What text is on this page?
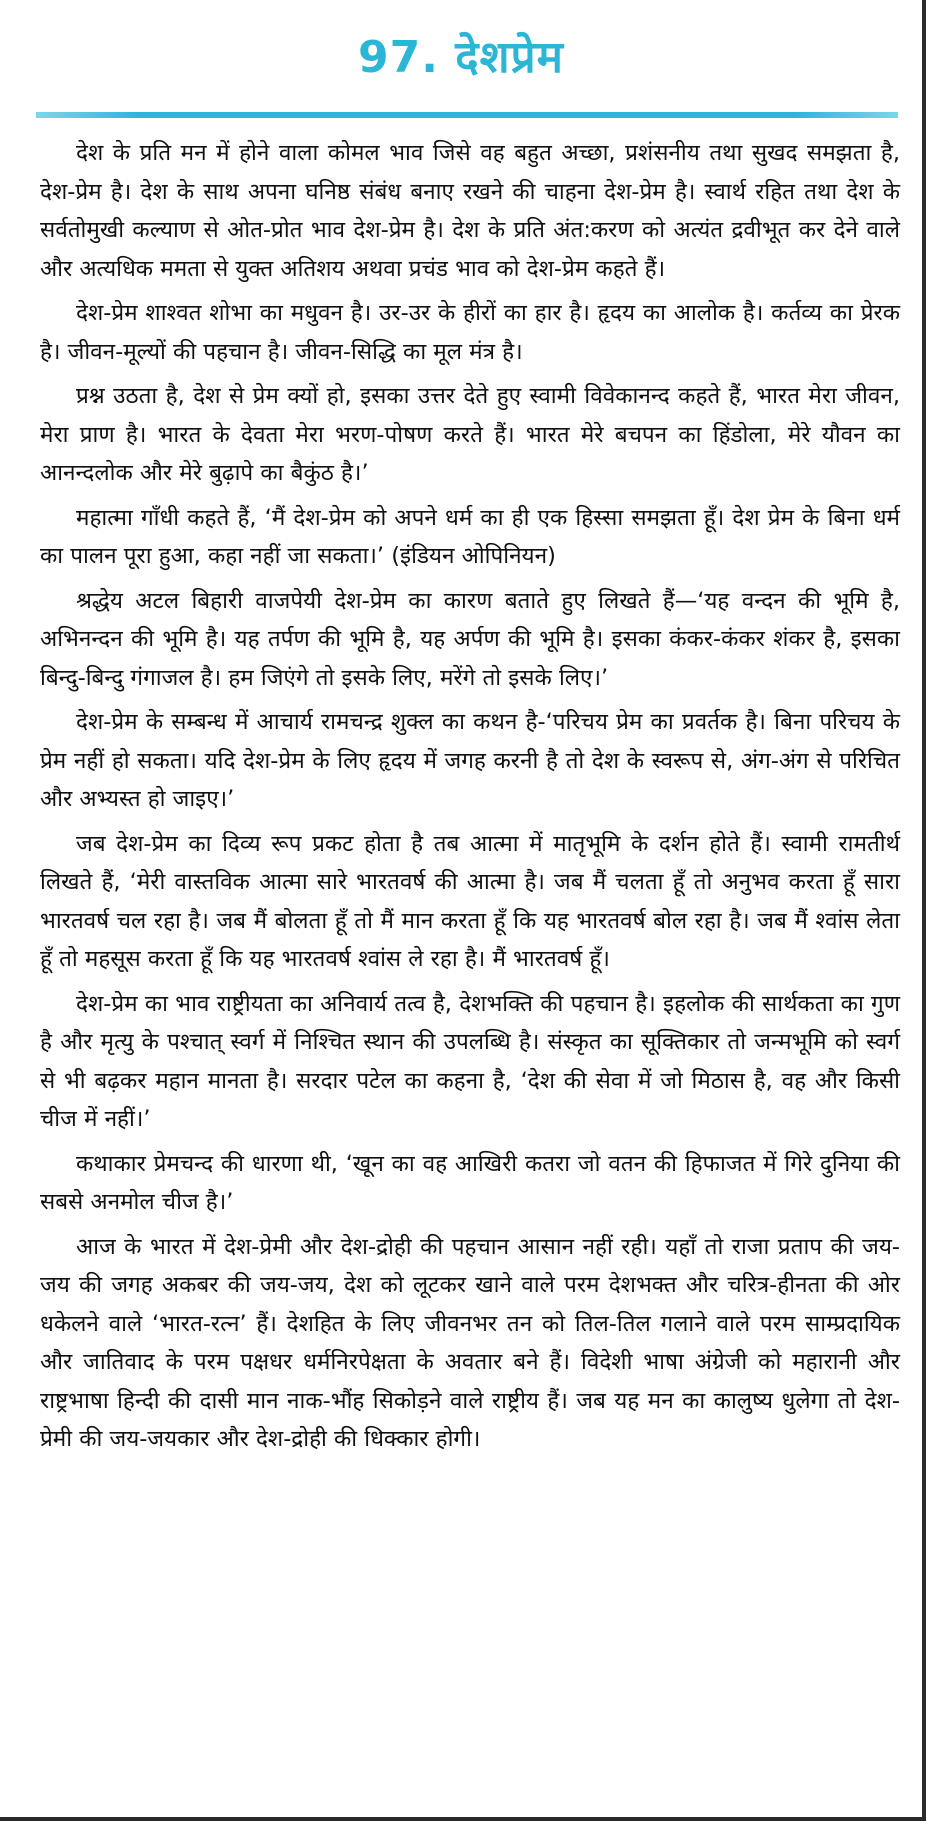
97. देशप्रेम

देश के प्रति मन में होने वाला कोमल भाव जिसे वह बहुत अच्छा, प्रशंसनीय तथा सुखद समझता है, देश-प्रेम है। देश के साथ अपना घनिष्ठ संबंध बनाए रखने की चाहना देश-प्रेम है। स्वार्थ रहित तथा देश के सर्वतोमुखी कल्याण से ओत-प्रोत भाव देश-प्रेम है। देश के प्रति अंत:करण को अत्यंत द्रवीभूत कर देने वाले और अत्यधिक ममता से युक्त अतिशय अथवा प्रचंड भाव को देश-प्रेम कहते हैं।

देश-प्रेम शाश्वत शोभा का मधुवन है। उर-उर के हीरों का हार है। हृदय का आलोक है। कर्तव्य का प्रेरक है। जीवन-मूल्यों की पहचान है। जीवन-सिद्धि का मूल मंत्र है।

प्रश्न उठता है, देश से प्रेम क्यों हो, इसका उत्तर देते हुए स्वामी विवेकानन्द कहते हैं, भारत मेरा जीवन, मेरा प्राण है। भारत के देवता मेरा भरण-पोषण करते हैं। भारत मेरे बचपन का हिंडोला, मेरे यौवन का आनन्दलोक और मेरे बुढ़ापे का बैकुंठ है।’

महात्मा गाँधी कहते हैं, ‘मैं देश-प्रेम को अपने धर्म का ही एक हिस्सा समझता हूँ। देश प्रेम के बिना धर्म का पालन पूरा हुआ, कहा नहीं जा सकता।’ (इंडियन ओपिनियन)

श्रद्धेय अटल बिहारी वाजपेयी देश-प्रेम का कारण बताते हुए लिखते हैं—‘यह वन्दन की भूमि है, अभिनन्दन की भूमि है। यह तर्पण की भूमि है, यह अर्पण की भूमि है। इसका कंकर-कंकर शंकर है, इसका बिन्दु-बिन्दु गंगाजल है। हम जिएंगे तो इसके लिए, मरेंगे तो इसके लिए।’

देश-प्रेम के सम्बन्ध में आचार्य रामचन्द्र शुक्ल का कथन है-‘परिचय प्रेम का प्रवर्तक है। बिना परिचय के प्रेम नहीं हो सकता। यदि देश-प्रेम के लिए हृदय में जगह करनी है तो देश के स्वरूप से, अंग-अंग से परिचित और अभ्यस्त हो जाइए।’

जब देश-प्रेम का दिव्य रूप प्रकट होता है तब आत्मा में मातृभूमि के दर्शन होते हैं। स्वामी रामतीर्थ लिखते हैं, ‘मेरी वास्तविक आत्मा सारे भारतवर्ष की आत्मा है। जब मैं चलता हूँ तो अनुभव करता हूँ सारा भारतवर्ष चल रहा है। जब मैं बोलता हूँ तो मैं मान करता हूँ कि यह भारतवर्ष बोल रहा है। जब मैं श्वांस लेता हूँ तो महसूस करता हूँ कि यह भारतवर्ष श्वांस ले रहा है। मैं भारतवर्ष हूँ।

देश-प्रेम का भाव राष्ट्रीयता का अनिवार्य तत्व है, देशभक्ति की पहचान है। इहलोक की सार्थकता का गुण है और मृत्यु के पश्चात् स्वर्ग में निश्चित स्थान की उपलब्धि है। संस्कृत का सूक्तिकार तो जन्मभूमि को स्वर्ग से भी बढ़कर महान मानता है। सरदार पटेल का कहना है, ‘देश की सेवा में जो मिठास है, वह और किसी चीज में नहीं।’

कथाकार प्रेमचन्द की धारणा थी, ‘खून का वह आखिरी कतरा जो वतन की हिफाजत में गिरे दुनिया की सबसे अनमोल चीज है।’

आज के भारत में देश-प्रेमी और देश-द्रोही की पहचान आसान नहीं रही। यहाँ तो राजा प्रताप की जय-जय की जगह अकबर की जय-जय, देश को लूटकर खाने वाले परम देशभक्त और चरित्र-हीनता की ओर धकेलने वाले ‘भारत-रत्न’ हैं। देशहित के लिए जीवनभर तन को तिल-तिल गलाने वाले परम साम्प्रदायिक और जातिवाद के परम पक्षधर धर्मनिरपेक्षता के अवतार बने हैं। विदेशी भाषा अंग्रेजी को महारानी और राष्ट्रभाषा हिन्दी की दासी मान नाक-भौंह सिकोड़ने वाले राष्ट्रीय हैं। जब यह मन का कालुष्य धुलेगा तो देश-प्रेमी की जय-जयकार और देश-द्रोही की धिक्कार होगी।
